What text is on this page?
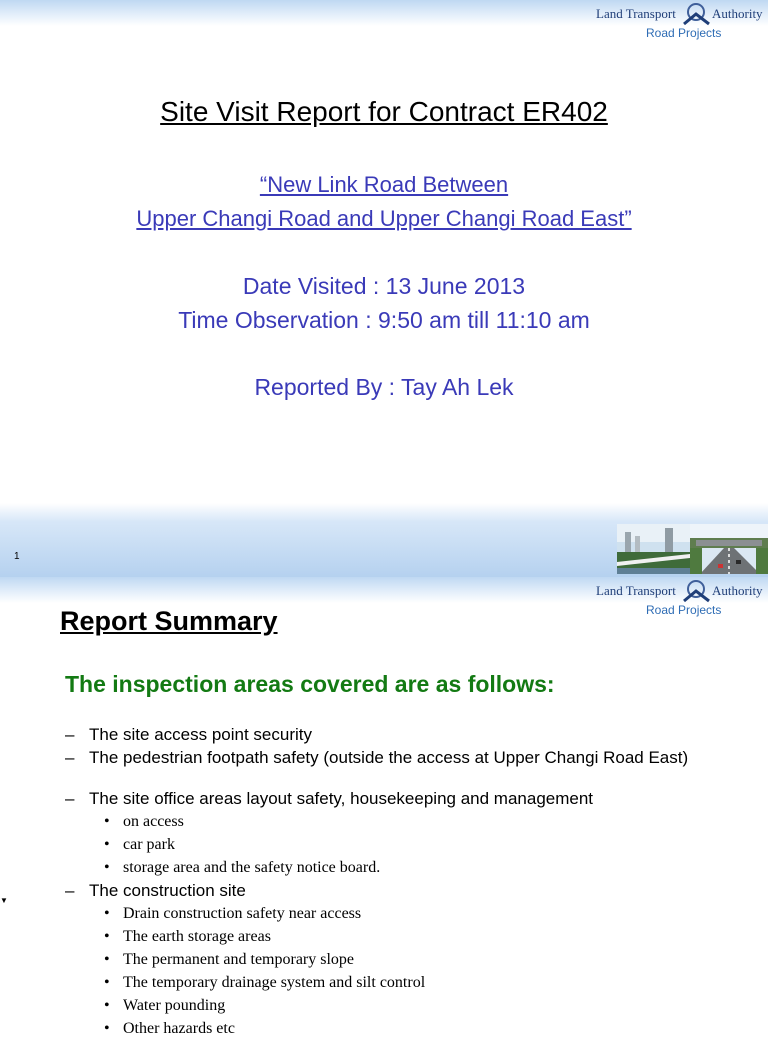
Land Transport	Authority
Road Projects
Site Visit Report for Contract ER402
“New Link Road Between
Upper Changi Road and Upper Changi Road East”
Date Visited : 13 June 2013
Time Observation : 9:50 am till 11:10 am
Reported By : Tay Ah Lek
1
Land Transport	Authority
Road Projects
Report Summary
The inspection areas covered are as follows:
– The site access point security
– The pedestrian footpath safety (outside the access at Upper Changi Road East)
– The site office areas layout safety, housekeeping and management
• on access
• car park
• storage area and the safety notice board.
– The construction site
• Drain construction safety near access
• The earth storage areas
• The permanent and temporary slope
• The temporary drainage system and silt control
• Water pounding
• Other hazards etc
▼
